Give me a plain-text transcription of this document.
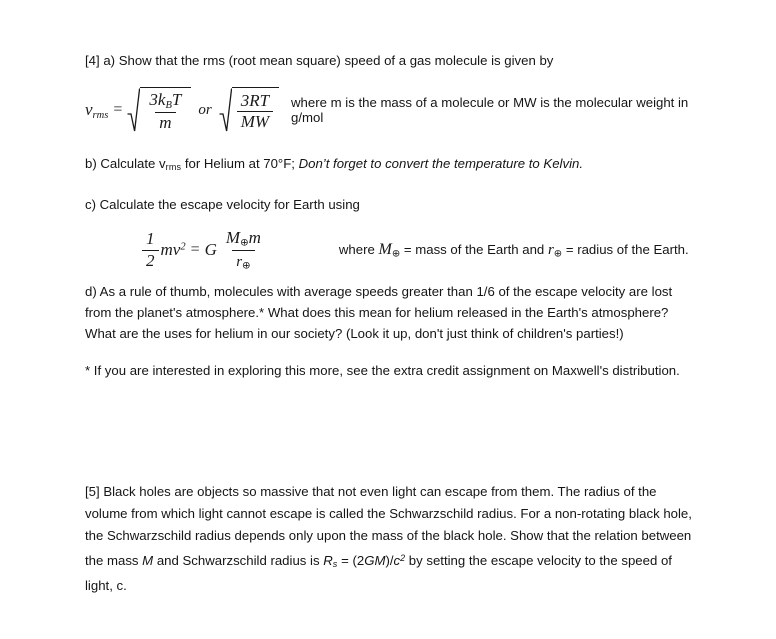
[4] a) Show that the rms (root mean square) speed of a gas molecule is given by

vrms = $\frac{\text{3kBT}}{m}$ or	$\frac{3RT}{MW}$	where m is the mass of a molecule or MW is the molecular weight in g/mol

b) Calculate $v_{rms}$ for Helium at 70°F; Don’t forget to convert the temperature to Kelvin.

c) Calculate the escape velocity for Earth using

$\frac{1}{2} mv^2 = G \frac{M\oplus m}{r\oplus}$	where M⊕ = mass of the Earth and r⊕ = radius of the Earth.

d) As a rule of thumb, molecules with average speeds greater than 1/6 of the escape velocity are lost

from the planet's atmosphere.* What does this mean for helium released in the Earth's atmosphere?

What are the uses for helium in our society? (Look it up, don't just think of children's parties!)

* If you are interested in exploring this more, see the extra credit assignment on Maxwell's distribution.

[5] Black holes are objects so massive that not even light can escape from them. The radius of the

volume from which light cannot escape is called the Schwarzschild radius. For a non-rotating black hole,

the Schwarzschild radius depends only upon the mass of the black hole. Show that the relation between

the mass M and Schwarzschild radius is $R_s = (2GM)/c^2$ by setting the escape velocity to the speed of

light, c.
